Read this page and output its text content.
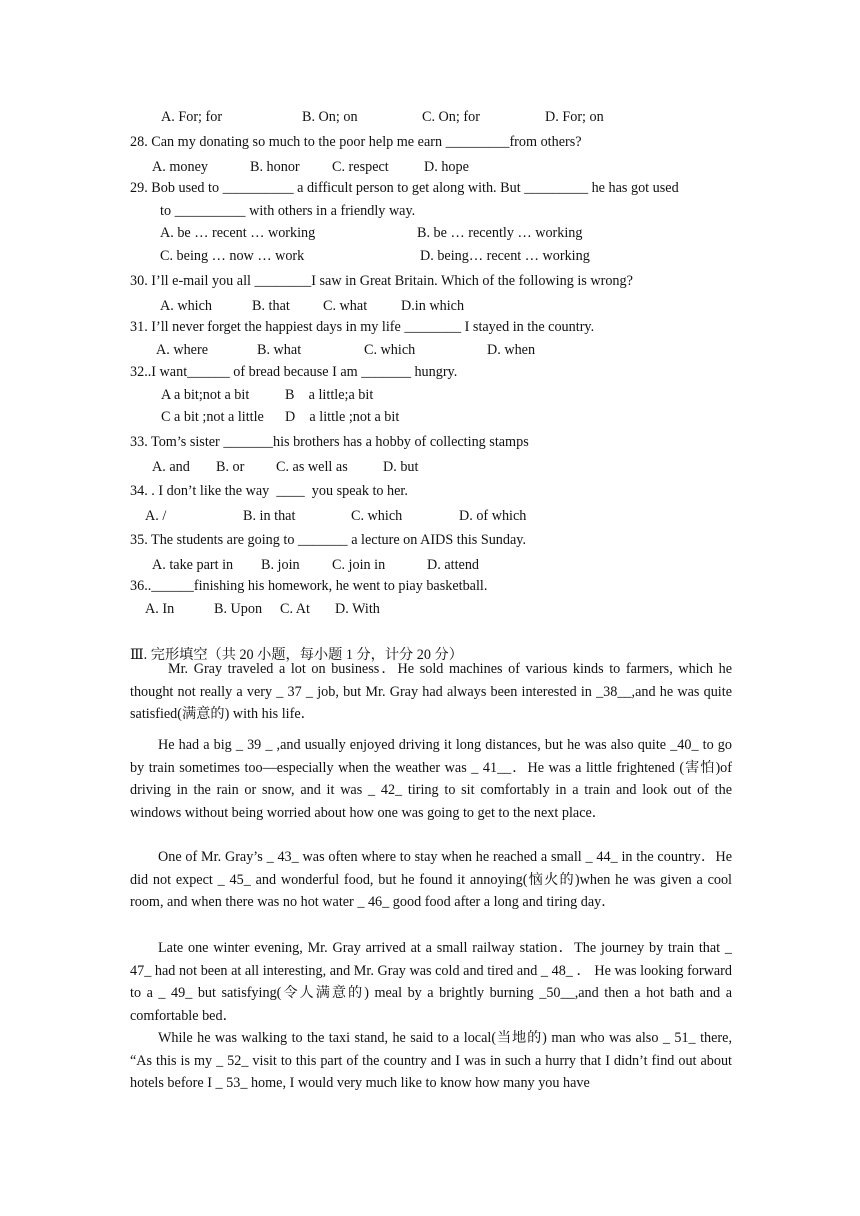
A. For; for	B. On; on	C. On; for	D. For; on
28. Can my donating so much to the poor help me earn _________from others?
A. money	B. honor C. respect D. hope
29. Bob used to __________ a difficult person to get along with. But _________ he has got used
to __________ with others in a friendly way.
A. be … recent … working	B. be … recently … working
C. being … now … work	D. being… recent … working
30. I’ll e-mail you all ________I saw in Great Britain. Which of the following is wrong?
A. which	B. that C. what D.in which
31. I’ll never forget the happiest days in my life ________ I stayed in the country.
A. where	B. what	C. which	D. when
32..I want______ of bread because I am _______ hungry.
A a bit;not a bit	B    a little;a bit
C a bit ;not a little D    a little ;not a bit
33. Tom’s sister _______his brothers has a hobby of collecting stamps
A. and B. or C. as well as D. but
34. . I don’t like the way  ____  you speak to her.
A. /	B. in that	C. which	D. of which
35. The students are going to _______ a lecture on AIDS this Sunday.
A. take part in B. join C. join in	D. attend
36..______finishing his homework, he went to piay basketball.
A. In	B. Upon C. At D. With
Ⅲ. 完形填空（共 20 小题，每小题 1 分，计分 20 分）

Mr. Gray traveled a lot on business．He sold machines of various kinds to farmers, which he thought not really a very _ 37 _ job, but Mr. Gray had always been interested in _38__,and he was quite satisfied(满意的) with his life．

He had a big _ 39 _ ,and usually enjoyed driving it long distances, but he was also quite _40_ to go by train sometimes too—especially when the weather was _ 41__．He was a little frightened (害怕)of driving in the rain or snow, and it was _ 42_ tiring to sit comfortably in a train and look out of the windows without being worried about how one was going to get to the next place．

One of Mr. Gray’s _ 43_ was often where to stay when he reached a small _ 44_ in the country．He did not expect _ 45_ and wonderful food, but he found it annoying(恼火的)when he was given a cool room, and when there was no hot water _ 46_ good food after a long and tiring day．

Late one winter evening, Mr. Gray arrived at a small railway station．The journey by train that _ 47_ had not been at all interesting, and Mr. Gray was cold and tired and _ 48_ ． He was looking forward to a _ 49_ but satisfying(令人满意的) meal by a brightly burning _50__,and then a hot bath and a comfortable bed．

While he was walking to the taxi stand, he said to a local(当地的) man who was also _ 51_ there, “As this is my _ 52_ visit to this part of the country and I was in such a hurry that I didn’t find out about hotels before I _ 53_ home, I would very much like to know how many you have
